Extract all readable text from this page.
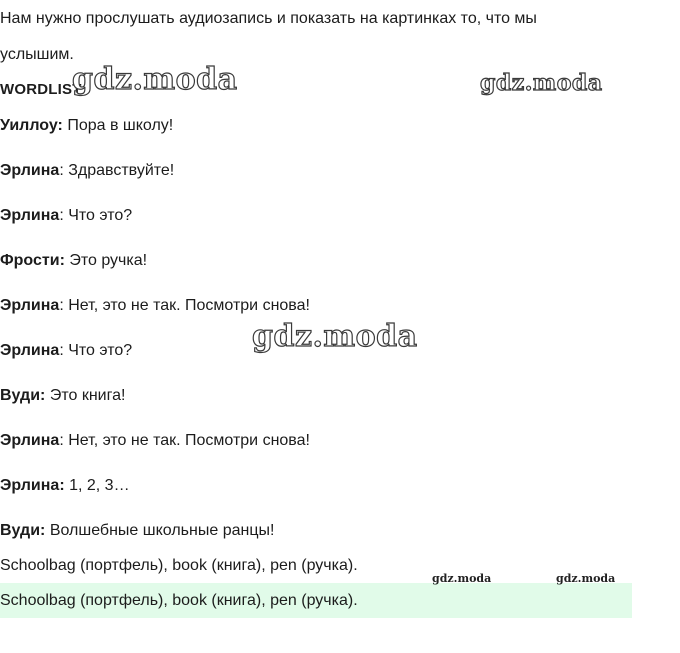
Нам нужно прослушать аудиозапись и показать на картинках то, что мы
услышим.
WORDLIST
Уиллоу: Пора в школу!
Эрлина: Здравствуйте!
Эрлина: Что это?
Фрости: Это ручка!
Эрлина: Нет, это не так. Посмотри снова!
Эрлина: Что это?
Вуди: Это книга!
Эрлина: Нет, это не так. Посмотри снова!
Эрлина: 1, 2, 3…
Вуди: Волшебные школьные ранцы!
Schoolbag (портфель), book (книга), pen (ручка).
Schoolbag (портфель), book (книга), pen (ручка).
gdz.moda	gdz.moda
gdz.moda
gdz.moda	gdz.moda
